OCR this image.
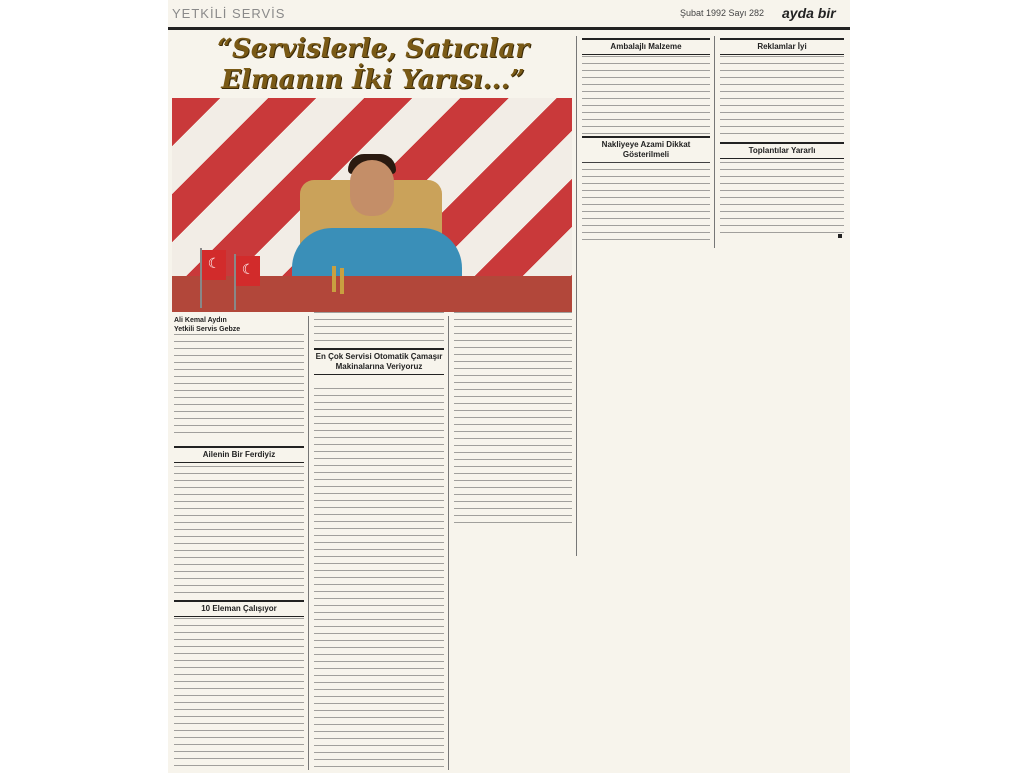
YETKİLİ SERVİS	Şubat 1992 Sayı 282 ayda bir
“Servislerle, Satıcılar Elmanın İki Yarısı...”
☾	☾
Ali Kemal Aydın
Yetkili Servis Gebze
Ailenin Bir Ferdiyiz
10 Eleman Çalışıyor
En Çok Servisi Otomatik Çamaşır Makinalarına Veriyoruz
Ambalajlı Malzeme
Nakliyeye Azami Dikkat Gösterilmeli
Reklamlar İyi
Toplantılar Yararlı
